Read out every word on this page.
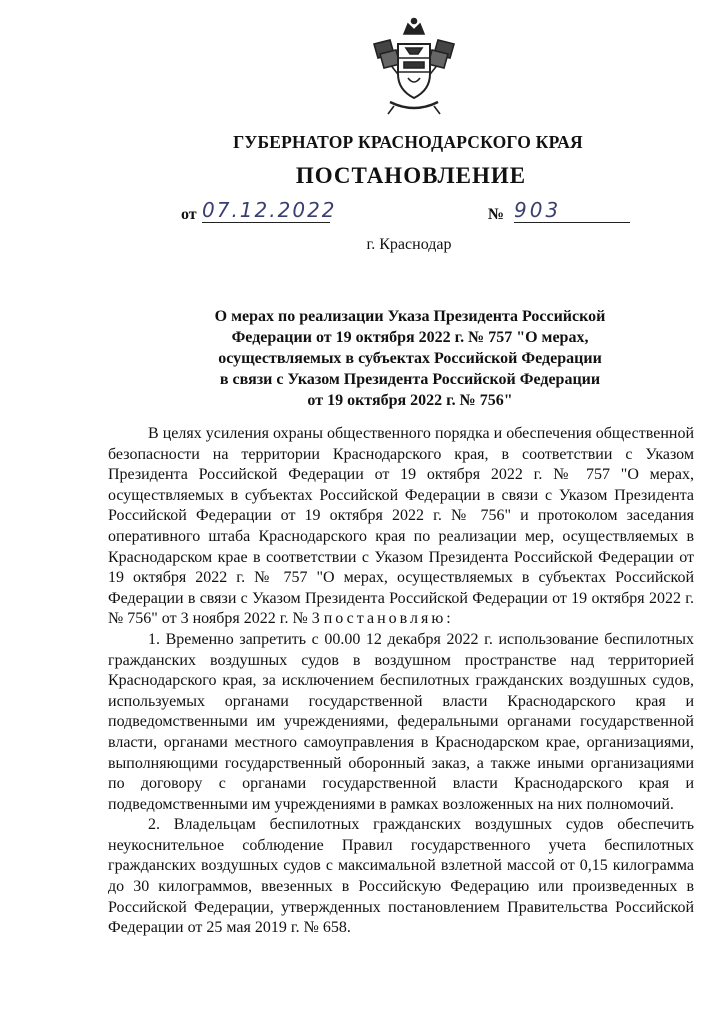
ГУБЕРНАТОР КРАСНОДАРСКОГО КРАЯ
ПОСТАНОВЛЕНИЕ
от 07.12.2022	№ 903
г. Краснодар
О мерах по реализации Указа Президента Российской
Федерации от 19 октября 2022 г. № 757 "О мерах,
осуществляемых в субъектах Российской Федерации
в связи с Указом Президента Российской Федерации
от 19 октября 2022 г. № 756"

В целях усиления охраны общественного порядка и обеспечения общественной безопасности на территории Краснодарского края, в соответствии с Указом Президента Российской Федерации от 19 октября 2022 г. № 757 "О мерах, осуществляемых в субъектах Российской Федерации в связи с Указом Президента Российской Федерации от 19 октября 2022 г. № 756" и протоколом заседания оперативного штаба Краснодарского края по реализации мер, осуществляемых в Краснодарском крае в соответствии с Указом Президента Российской Федерации от 19 октября 2022 г. № 757 "О мерах, осуществляемых в субъектах Российской Федерации в связи с Указом Президента Российской Федерации от 19 октября 2022 г. № 756" от 3 ноября 2022 г. № 3 постановляю:

1. Временно запретить с 00.00 12 декабря 2022 г. использование беспилотных гражданских воздушных судов в воздушном пространстве над территорией Краснодарского края, за исключением беспилотных гражданских воздушных судов, используемых органами государственной власти Краснодарского края и подведомственными им учреждениями, федеральными органами государственной власти, органами местного самоуправления в Краснодарском крае, организациями, выполняющими государственный оборонный заказ, а также иными организациями по договору с органами государственной власти Краснодарского края и подведомственными им учреждениями в рамках возложенных на них полномочий.

2. Владельцам беспилотных гражданских воздушных судов обеспечить неукоснительное соблюдение Правил государственного учета беспилотных гражданских воздушных судов с максимальной взлетной массой от 0,15 килограмма до 30 килограммов, ввезенных в Российскую Федерацию или произведенных в Российской Федерации, утвержденных постановлением Правительства Российской Федерации от 25 мая 2019 г. № 658.
